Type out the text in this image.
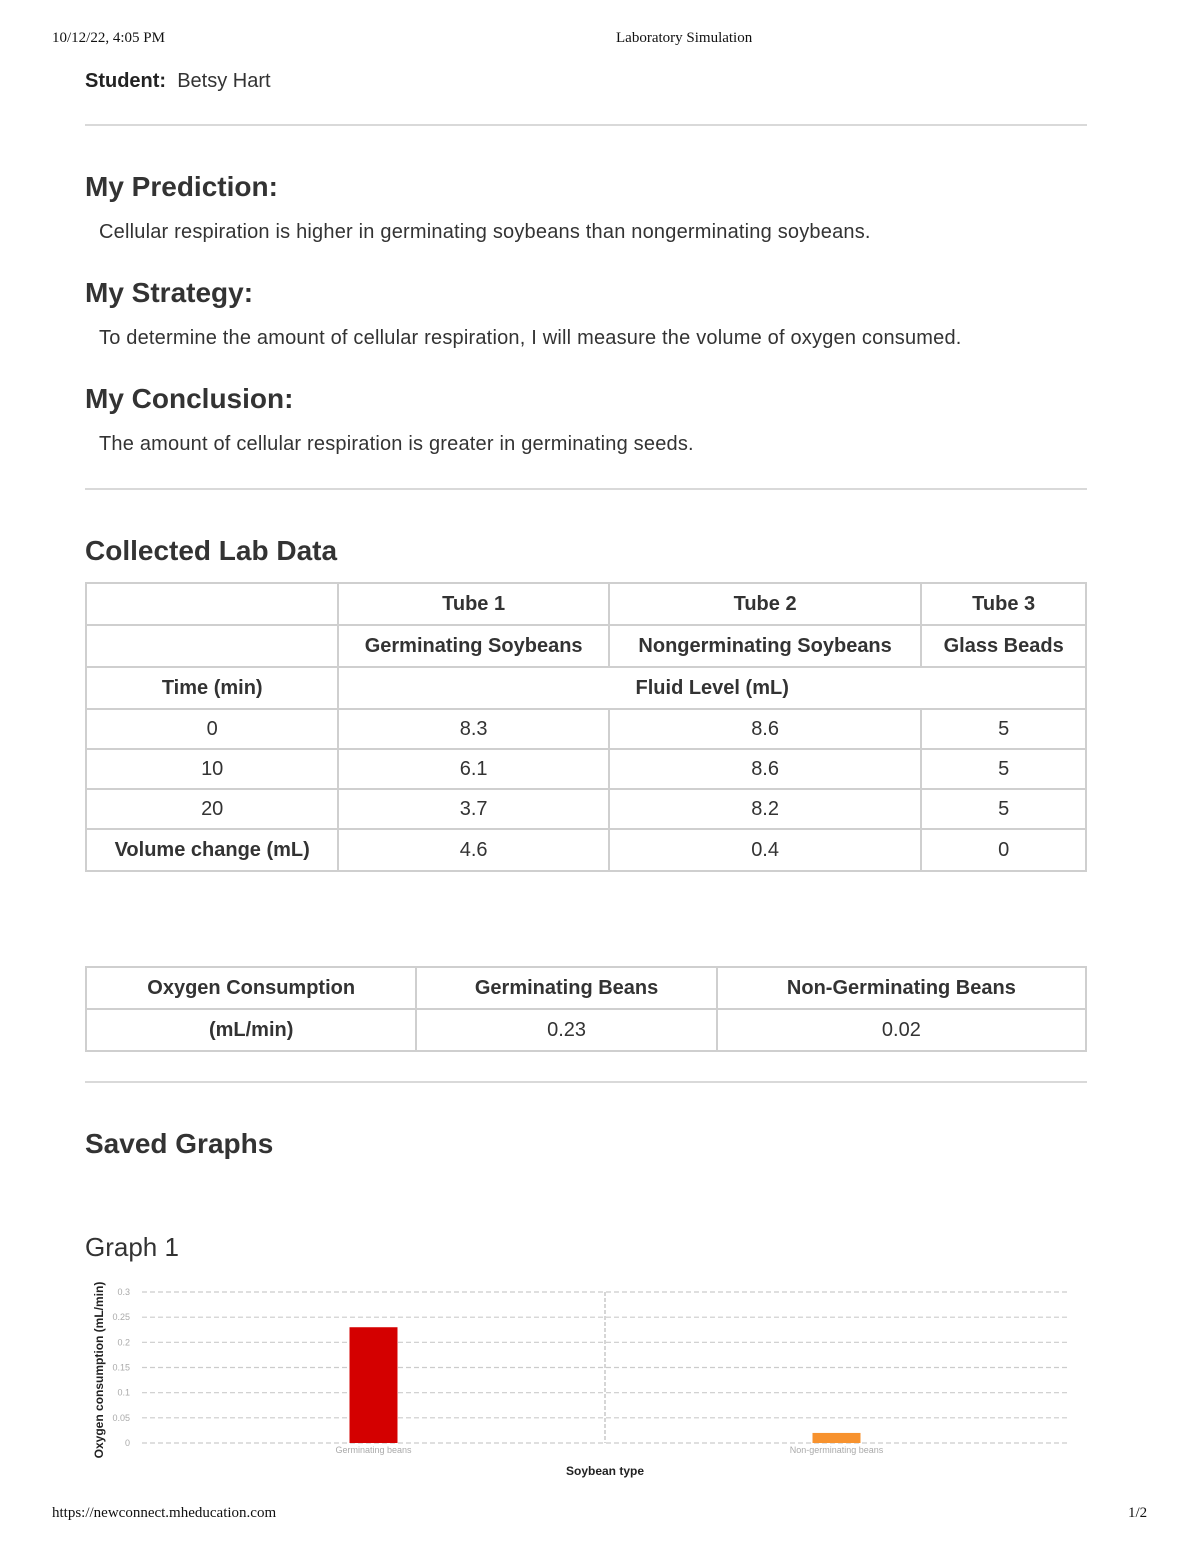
10/12/22, 4:05 PM	Laboratory Simulation
Student: Betsy Hart
My Prediction:
Cellular respiration is higher in germinating soybeans than nongerminating soybeans.
My Strategy:
To determine the amount of cellular respiration, I will measure the volume of oxygen consumed.
My Conclusion:
The amount of cellular respiration is greater in germinating seeds.
Collected Lab Data
	Tube 1	Tube 2	Tube 3
	Germinating Soybeans	Nongerminating Soybeans	Glass Beads
Time (min)	Fluid Level (mL)		
0	8.3	8.6	5
10	6.1	8.6	5
20	3.7	8.2	5
Volume change (mL)	4.6	0.4	0
Oxygen Consumption	Germinating Beans	Non-Germinating Beans
(mL/min)	0.23	0.02
Saved Graphs
Graph 1
0
0.05
0.1
0.15
0.2
0.25
0.3
Germinating beans	Non-germinating beans
Soybean type
Oxygen consumption (mL/min)
https://newconnect.mheducation.com	1/2
